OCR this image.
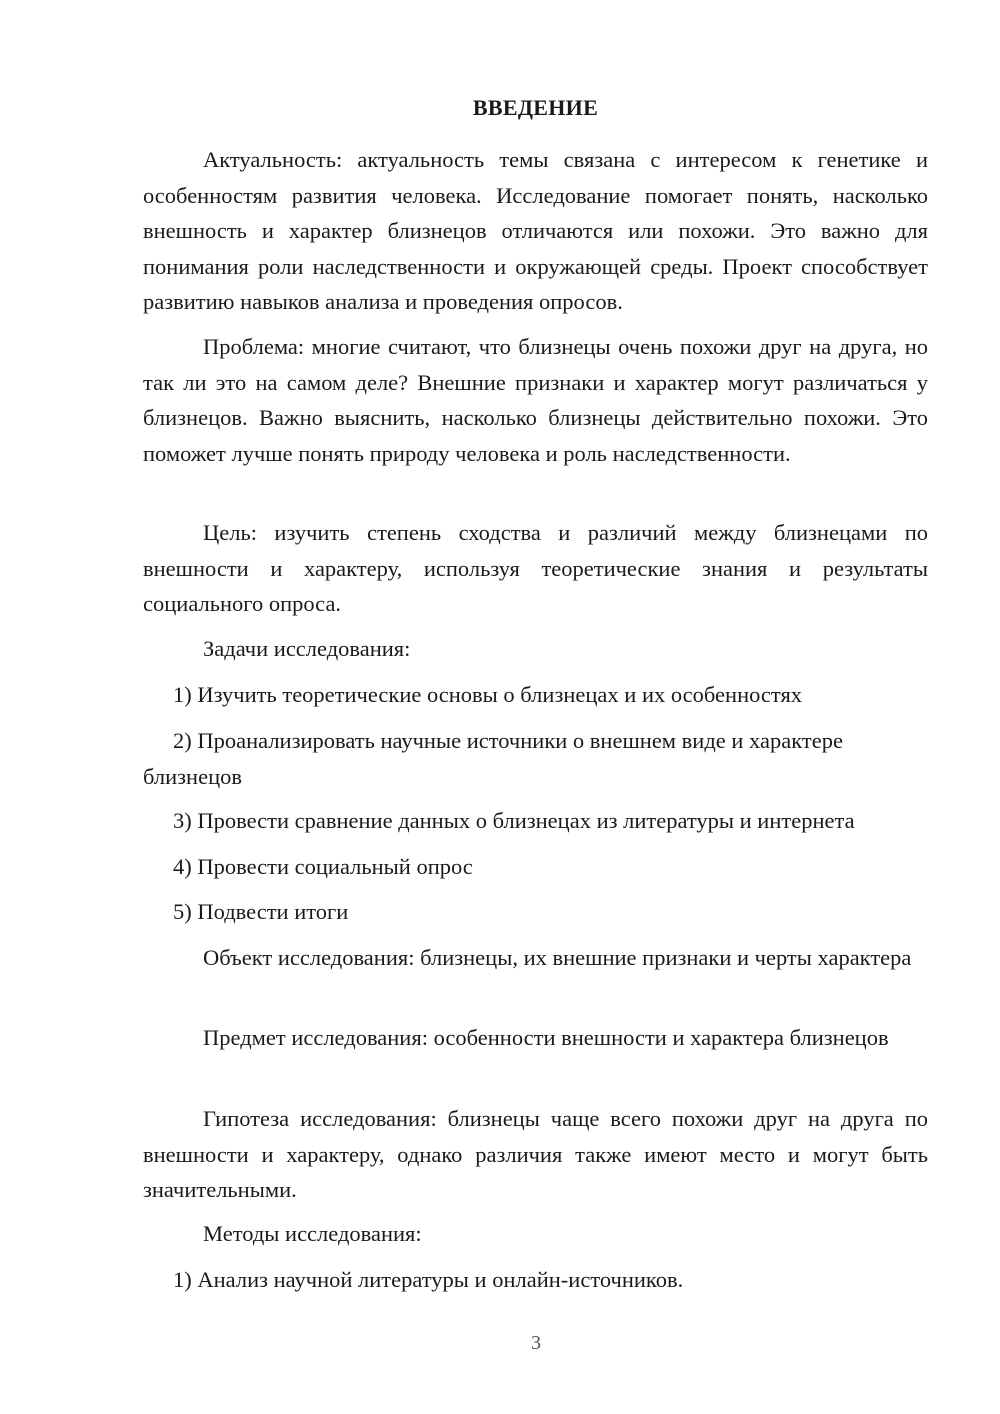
ВВЕДЕНИЕ

Актуальность: актуальность темы связана с интересом к генетике и особенностям развития человека. Исследование помогает понять, насколько внешность и характер близнецов отличаются или похожи. Это важно для понимания роли наследственности и окружающей среды. Проект способствует развитию навыков анализа и проведения опросов.

Проблема: многие считают, что близнецы очень похожи друг на друга, но так ли это на самом деле? Внешние признаки и характер могут различаться у близнецов. Важно выяснить, насколько близнецы действительно похожи. Это поможет лучше понять природу человека и роль наследственности.

Цель: изучить степень сходства и различий между близнецами по внешности и характеру, используя теоретические знания и результаты социального опроса.

Задачи исследования:

1) Изучить теоретические основы о близнецах и их особенностях

2) Проанализировать научные источники о внешнем виде и характере близнецов

3) Провести сравнение данных о близнецах из литературы и интернета

4) Провести социальный опрос

5) Подвести итоги

Объект исследования: близнецы, их внешние признаки и черты характера

Предмет исследования: особенности внешности и характера близнецов

Гипотеза исследования: близнецы чаще всего похожи друг на друга по внешности и характеру, однако различия также имеют место и могут быть значительными.

Методы исследования:

1) Анализ научной литературы и онлайн-источников.

3
